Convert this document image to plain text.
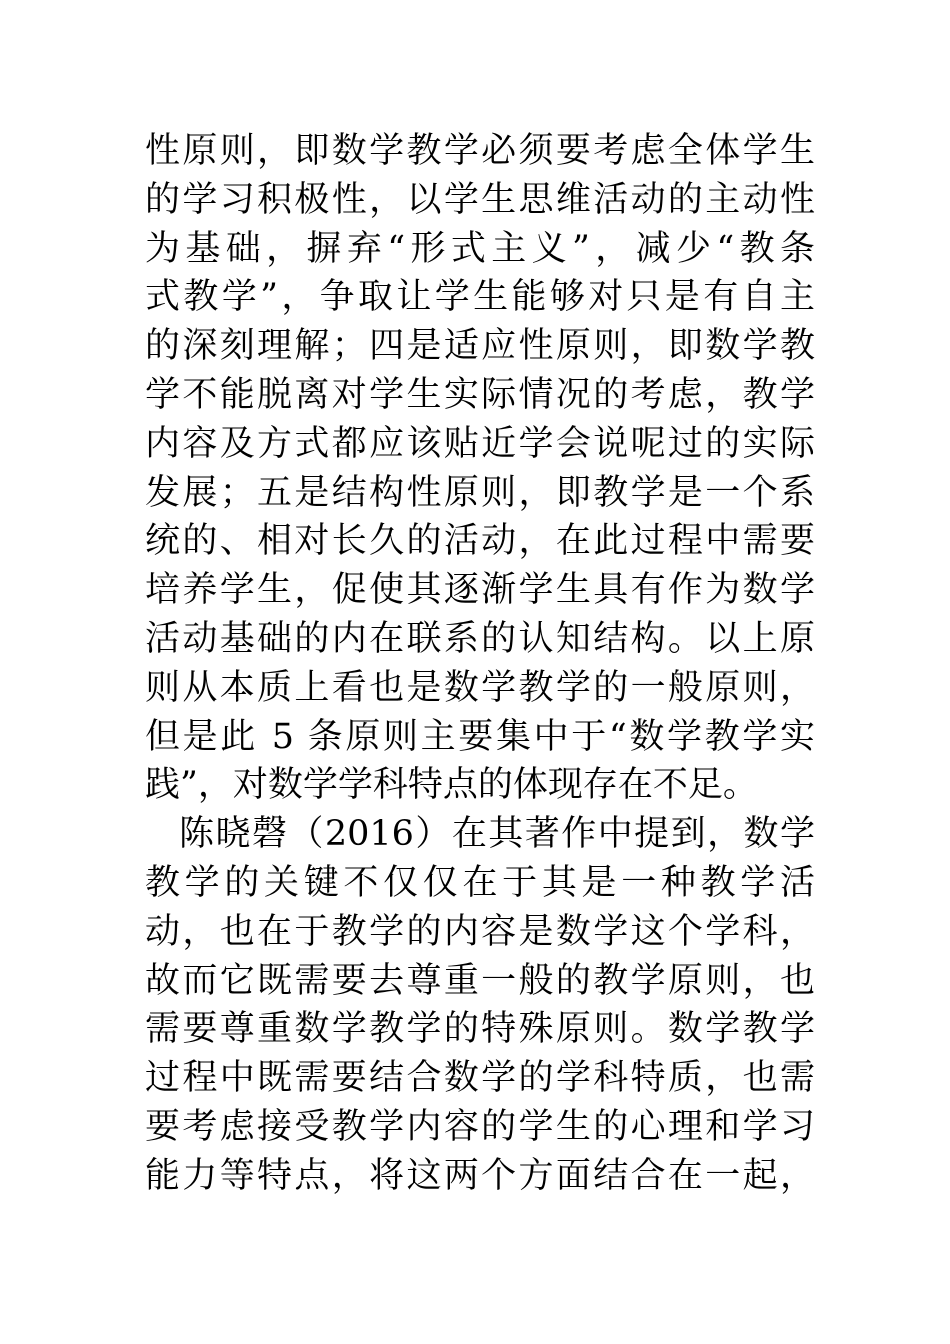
性原则，即数学教学必须要考虑全体学生
的学习积极性，以学生思维活动的主动性
为基础，摒弃“形式主义”，减少“教条
式教学”，争取让学生能够对只是有自主
的深刻理解；四是适应性原则，即数学教
学不能脱离对学生实际情况的考虑，教学
内容及方式都应该贴近学会说呢过的实际
发展；五是结构性原则，即教学是一个系
统的、相对长久的活动，在此过程中需要
培养学生，促使其逐渐学生具有作为数学
活动基础的内在联系的认知结构。以上原
则从本质上看也是数学教学的一般原则，
但是此 5 条原则主要集中于“数学教学实
践”，对数学学科特点的体现存在不足。
陈晓磬（2016）在其著作中提到，数学
教学的关键不仅仅在于其是一种教学活
动，也在于教学的内容是数学这个学科，
故而它既需要去尊重一般的教学原则，也
需要尊重数学教学的特殊原则。数学教学
过程中既需要结合数学的学科特质，也需
要考虑接受教学内容的学生的心理和学习
能力等特点，将这两个方面结合在一起，
